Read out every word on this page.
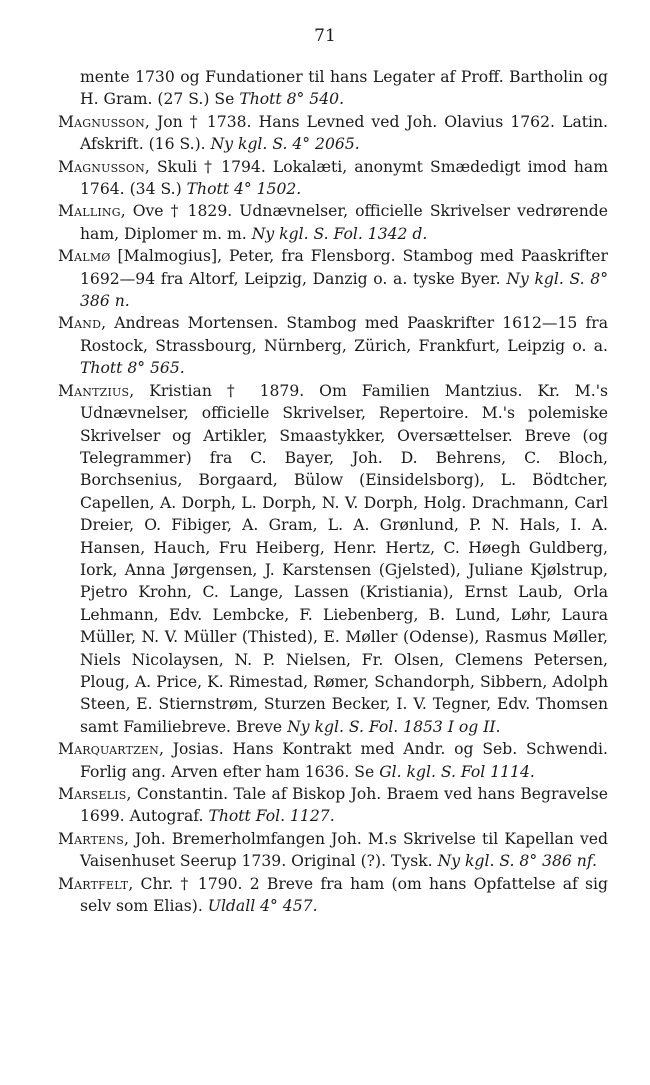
71
mente 1730 og Fundationer til hans Legater af Proff. Bartholin og H. Gram. (27 S.) Se Thott 8° 540.
Magnusson, Jon † 1738. Hans Levned ved Joh. Olavius 1762. Latin. Afskrift. (16 S.). Ny kgl. S. 4° 2065.
Magnusson, Skuli † 1794. Lokalæti, anonymt Smædedigt imod ham 1764. (34 S.) Thott 4° 1502.
Malling, Ove † 1829. Udnævnelser, officielle Skrivelser vedrørende ham, Diplomer m. m. Ny kgl. S. Fol. 1342 d.
Malmø [Malmogius], Peter, fra Flensborg. Stambog med Paaskrifter 1692—94 fra Altorf, Leipzig, Danzig o. a. tyske Byer. Ny kgl. S. 8° 386 n.
Mand, Andreas Mortensen. Stambog med Paaskrifter 1612—15 fra Rostock, Strassbourg, Nürnberg, Zürich, Frankfurt, Leipzig o. a. Thott 8° 565.
Mantzius, Kristian † 1879. Om Familien Mantzius. Kr. M.'s Udnævnelser, officielle Skrivelser, Repertoire. M.'s polemiske Skrivelser og Artikler, Smaastykker, Oversættelser. Breve (og Telegrammer) fra C. Bayer, Joh. D. Behrens, C. Bloch, Borchsenius, Borgaard, Bülow (Einsidelsborg), L. Bödtcher, Capellen, A. Dorph, L. Dorph, N. V. Dorph, Holg. Drachmann, Carl Dreier, O. Fibiger, A. Gram, L. A. Grønlund, P. N. Hals, I. A. Hansen, Hauch, Fru Heiberg, Henr. Hertz, C. Høegh Guldberg, Iork, Anna Jørgensen, J. Karstensen (Gjelsted), Juliane Kjølstrup, Pjetro Krohn, C. Lange, Lassen (Kristiania), Ernst Laub, Orla Lehmann, Edv. Lembcke, F. Liebenberg, B. Lund, Løhr, Laura Müller, N. V. Müller (Thisted), E. Møller (Odense), Rasmus Møller, Niels Nicolaysen, N. P. Nielsen, Fr. Olsen, Clemens Petersen, Ploug, A. Price, K. Rimestad, Rømer, Schandorph, Sibbern, Adolph Steen, E. Stiernstrøm, Sturzen Becker, I. V. Tegner, Edv. Thomsen samt Familiebreve. Breve Ny kgl. S. Fol. 1853 I og II.
Marquartzen, Josias. Hans Kontrakt med Andr. og Seb. Schwendi. Forlig ang. Arven efter ham 1636. Se Gl. kgl. S. Fol 1114.
Marselis, Constantin. Tale af Biskop Joh. Braem ved hans Begravelse 1699. Autograf. Thott Fol. 1127.
Martens, Joh. Bremerholmfangen Joh. M.s Skrivelse til Kapellan ved Vaisenhuset Seerup 1739. Original (?). Tysk. Ny kgl. S. 8° 386 nf.
Martfelt, Chr. † 1790. 2 Breve fra ham (om hans Opfattelse af sig selv som Elias). Uldall 4° 457.
